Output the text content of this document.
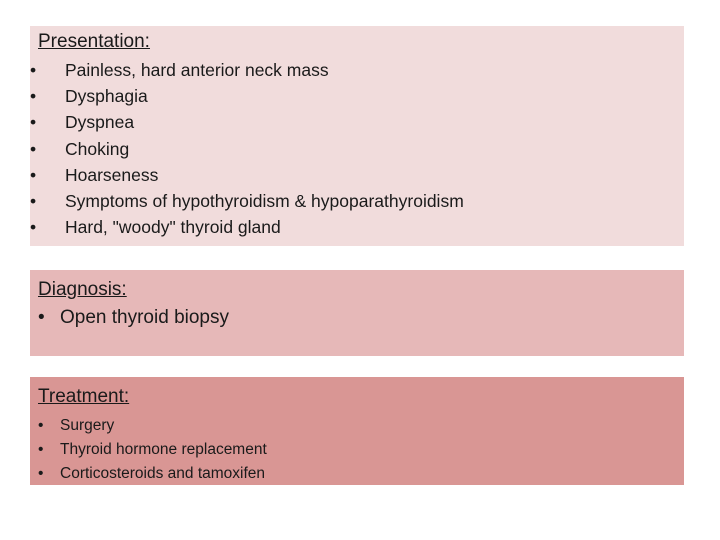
Presentation:
• Painless, hard anterior neck mass
• Dysphagia
• Dyspnea
• Choking
• Hoarseness
• Symptoms of hypothyroidism & hypoparathyroidism
• Hard, "woody" thyroid gland
Diagnosis:
• Open thyroid biopsy
Treatment:
• Surgery
• Thyroid hormone replacement
• Corticosteroids and tamoxifen
